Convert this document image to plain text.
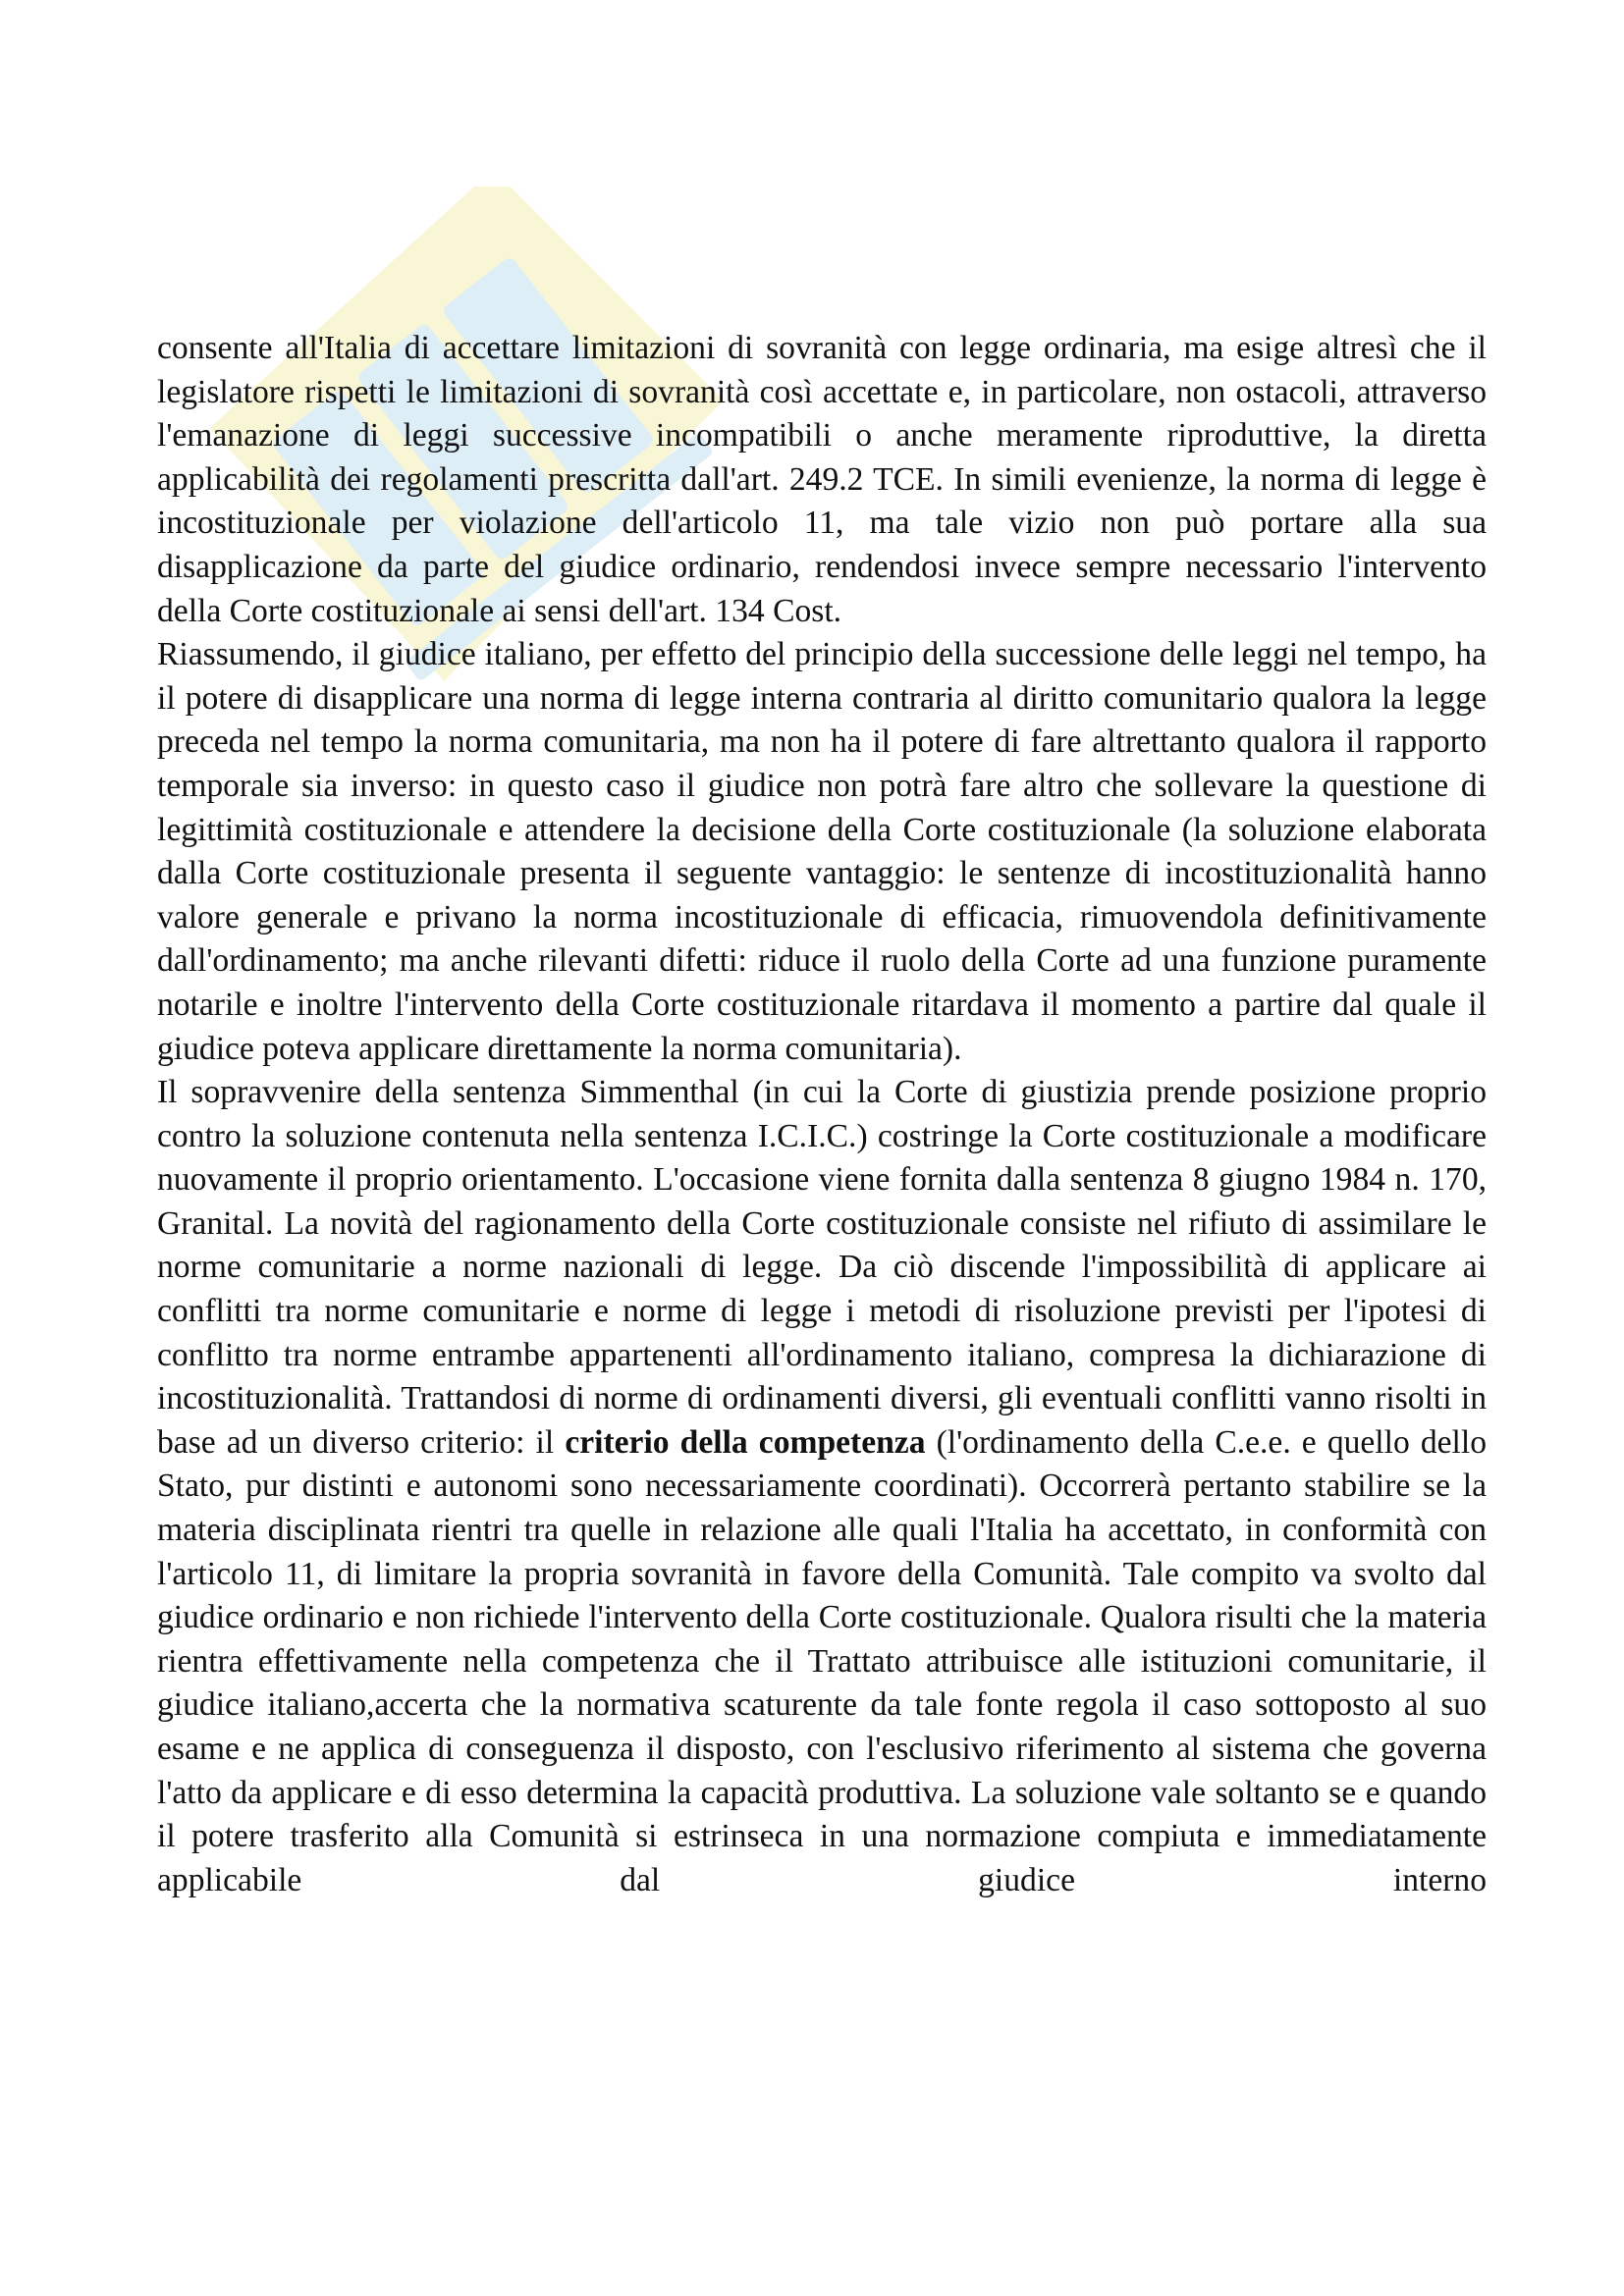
consente all'Italia di accettare limitazioni di sovranità con legge ordinaria, ma esige altresì che il legislatore rispetti le limitazioni di sovranità così accettate e, in particolare, non ostacoli, attraverso l'emanazione di leggi successive incompatibili o anche meramente riproduttive, la diretta applicabilità dei regolamenti prescritta dall'art. 249.2 TCE. In simili evenienze, la norma di legge è incostituzionale per violazione dell'articolo 11, ma tale vizio non può portare alla sua disapplicazione da parte del giudice ordinario, rendendosi invece sempre necessario l'intervento della Corte costituzionale ai sensi dell'art. 134 Cost.

Riassumendo, il giudice italiano, per effetto del principio della successione delle leggi nel tempo, ha il potere di disapplicare una norma di legge interna contraria al diritto comunitario qualora la legge preceda nel tempo la norma comunitaria, ma non ha il potere di fare altrettanto qualora il rapporto temporale sia inverso: in questo caso il giudice non potrà fare altro che sollevare la questione di legittimità costituzionale e attendere la decisione della Corte costituzionale (la soluzione elaborata dalla Corte costituzionale presenta il seguente vantaggio: le sentenze di incostituzionalità hanno valore generale e privano la norma incostituzionale di efficacia, rimuovendola definitivamente dall'ordinamento; ma anche rilevanti difetti: riduce il ruolo della Corte ad una funzione puramente notarile e inoltre l'intervento della Corte costituzionale ritardava il momento a partire dal quale il giudice poteva applicare direttamente la norma comunitaria).

Il sopravvenire della sentenza Simmenthal (in cui la Corte di giustizia prende posizione proprio contro la soluzione contenuta nella sentenza I.C.I.C.) costringe la Corte costituzionale a modificare nuovamente il proprio orientamento. L'occasione viene fornita dalla sentenza 8 giugno 1984 n. 170, Granital. La novità del ragionamento della Corte costituzionale consiste nel rifiuto di assimilare le norme comunitarie a norme nazionali di legge. Da ciò discende l'impossibilità di applicare ai conflitti tra norme comunitarie e norme di legge i metodi di risoluzione previsti per l'ipotesi di conflitto tra norme entrambe appartenenti all'ordinamento italiano, compresa la dichiarazione di incostituzionalità. Trattandosi di norme di ordinamenti diversi, gli eventuali conflitti vanno risolti in base ad un diverso criterio: il criterio della competenza (l'ordinamento della C.e.e. e quello dello Stato, pur distinti e autonomi sono necessariamente coordinati). Occorrerà pertanto stabilire se la materia disciplinata rientri tra quelle in relazione alle quali l'Italia ha accettato, in conformità con l'articolo 11, di limitare la propria sovranità in favore della Comunità. Tale compito va svolto dal giudice ordinario e non richiede l'intervento della Corte costituzionale. Qualora risulti che la materia rientra effettivamente nella competenza che il Trattato attribuisce alle istituzioni comunitarie, il giudice italiano,accerta che la normativa scaturente da tale fonte regola il caso sottoposto al suo esame e ne applica di conseguenza il disposto, con l'esclusivo riferimento al sistema che governa l'atto da applicare e di esso determina la capacità produttiva. La soluzione vale soltanto se e quando il potere trasferito alla Comunità si estrinseca in una normazione compiuta e immediatamente applicabile dal giudice interno
